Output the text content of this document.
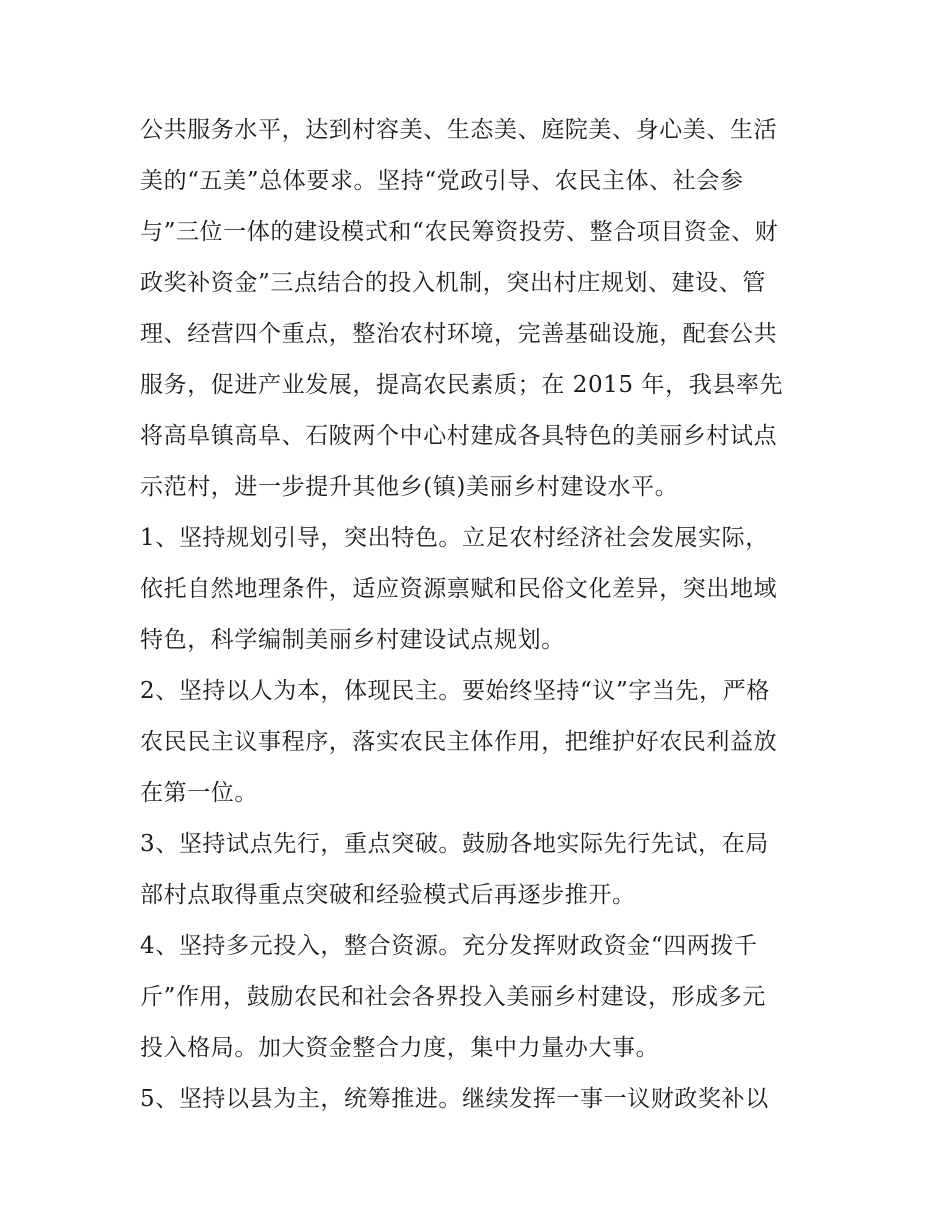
公共服务水平，达到村容美、生态美、庭院美、身心美、生活
美的“五美”总体要求。坚持“党政引导、农民主体、社会参
与”三位一体的建设模式和“农民筹资投劳、整合项目资金、财
政奖补资金”三点结合的投入机制，突出村庄规划、建设、管
理、经营四个重点，整治农村环境，完善基础设施，配套公共
服务，促进产业发展，提高农民素质；在 2015 年，我县率先
将高阜镇高阜、石陂两个中心村建成各具特色的美丽乡村试点
示范村，进一步提升其他乡(镇)美丽乡村建设水平。
1、坚持规划引导，突出特色。立足农村经济社会发展实际，
依托自然地理条件，适应资源禀赋和民俗文化差异，突出地域
特色，科学编制美丽乡村建设试点规划。
2、坚持以人为本，体现民主。要始终坚持“议”字当先，严格
农民民主议事程序，落实农民主体作用，把维护好农民利益放
在第一位。
3、坚持试点先行，重点突破。鼓励各地实际先行先试，在局
部村点取得重点突破和经验模式后再逐步推开。
4、坚持多元投入，整合资源。充分发挥财政资金“四两拨千
斤”作用，鼓励农民和社会各界投入美丽乡村建设，形成多元
投入格局。加大资金整合力度，集中力量办大事。
5、坚持以县为主，统筹推进。继续发挥一事一议财政奖补以
